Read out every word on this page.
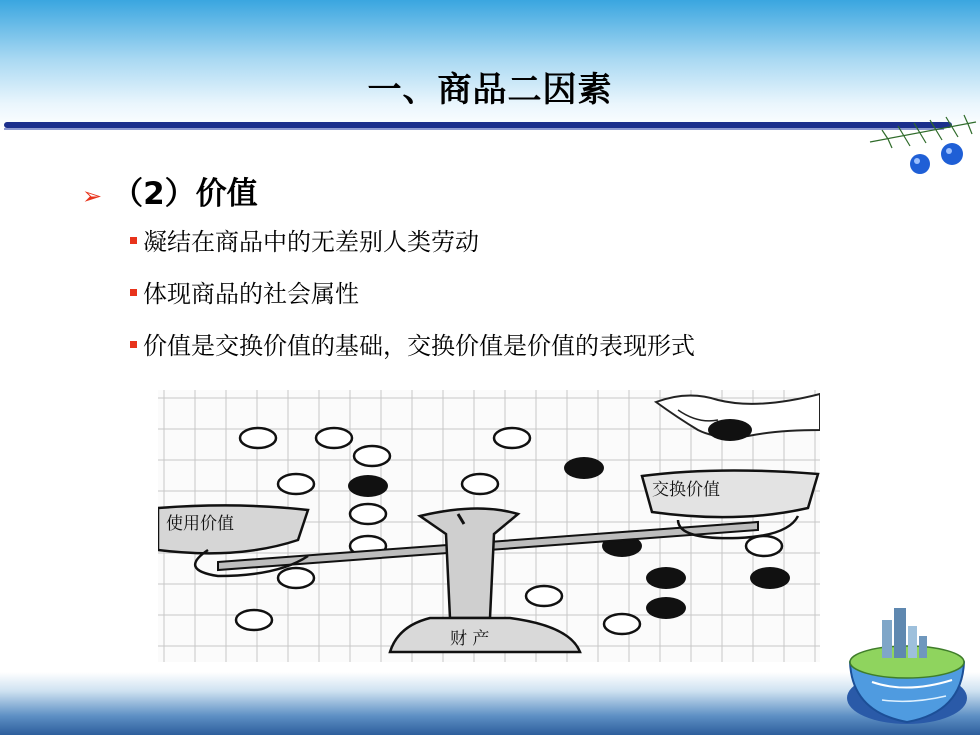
一、商品二因素
➢ （2）价值
凝结在商品中的无差别人类劳动
体现商品的社会属性
价值是交换价值的基础，交换价值是价值的表现形式
使用价值
交换价值
财 产
